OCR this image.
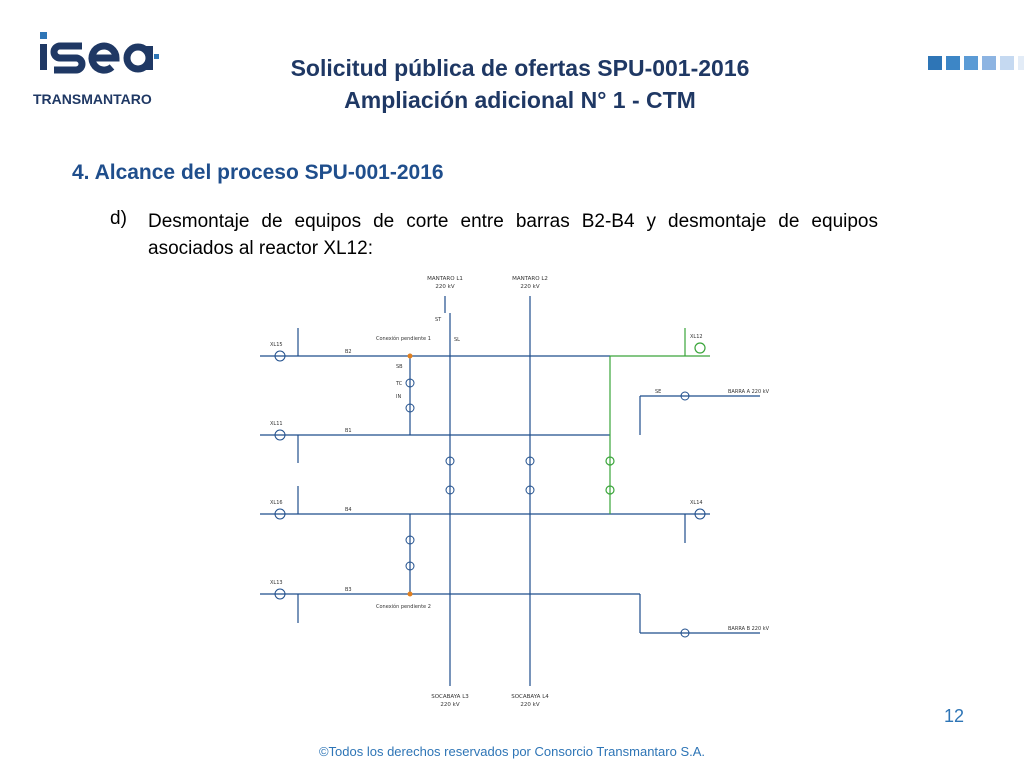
TRANSMANTARO
Solicitud pública de ofertas SPU-001-2016
Ampliación adicional N° 1 - CTM
4. Alcance del proceso SPU-001-2016
d) Desmontaje de equipos de corte entre barras B2-B4 y desmontaje de equipos asociados al reactor XL12:
MANTARO L1
220 kV
MANTARO L2
220 kV
SOCABAYA L3
220 kV
SOCABAYA L4
220 kV
B2
B1
B4
B3
BARRA A 220 kV
BARRA B 220 kV
XL15
XL11
XL16
XL13
XL12
XL14
Conexión pendiente 1
Conexión pendiente 2
ST
SL
SB
TC
IN
SE
12
©Todos los derechos reservados por Consorcio Transmantaro S.A.
